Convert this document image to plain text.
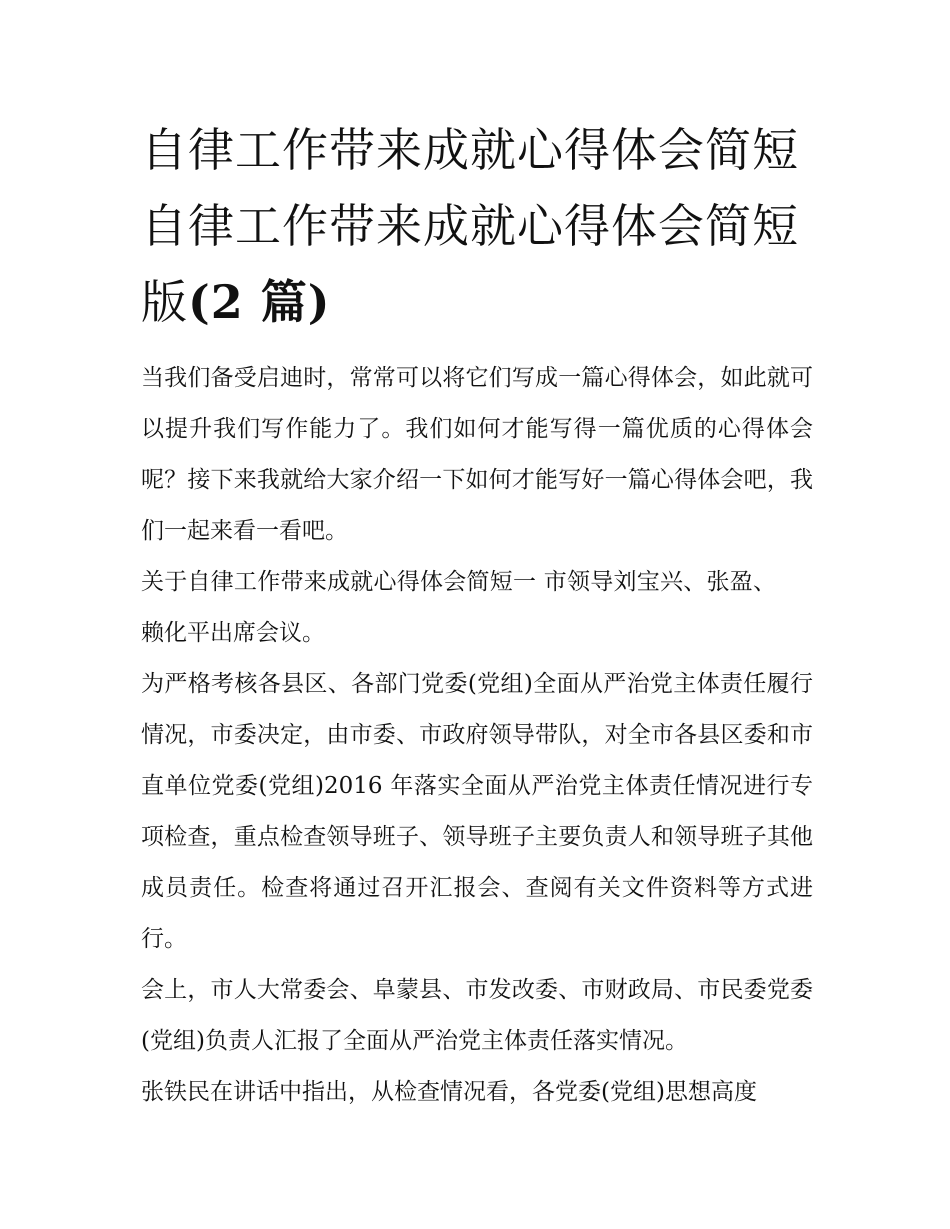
自律工作带来成就心得体会简短 自律工作带来成就心得体会简短版(2 篇)

当我们备受启迪时，常常可以将它们写成一篇心得体会，如此就可以提升我们写作能力了。我们如何才能写得一篇优质的心得体会呢？接下来我就给大家介绍一下如何才能写好一篇心得体会吧，我们一起来看一看吧。

关于自律工作带来成就心得体会简短一 市领导刘宝兴、张盈、赖化平出席会议。

为严格考核各县区、各部门党委(党组)全面从严治党主体责任履行情况，市委决定，由市委、市政府领导带队，对全市各县区委和市直单位党委(党组)2016 年落实全面从严治党主体责任情况进行专项检查，重点检查领导班子、领导班子主要负责人和领导班子其他成员责任。检查将通过召开汇报会、查阅有关文件资料等方式进行。

会上，市人大常委会、阜蒙县、市发改委、市财政局、市民委党委(党组)负责人汇报了全面从严治党主体责任落实情况。

张铁民在讲话中指出，从检查情况看，各党委(党组)思想高度
